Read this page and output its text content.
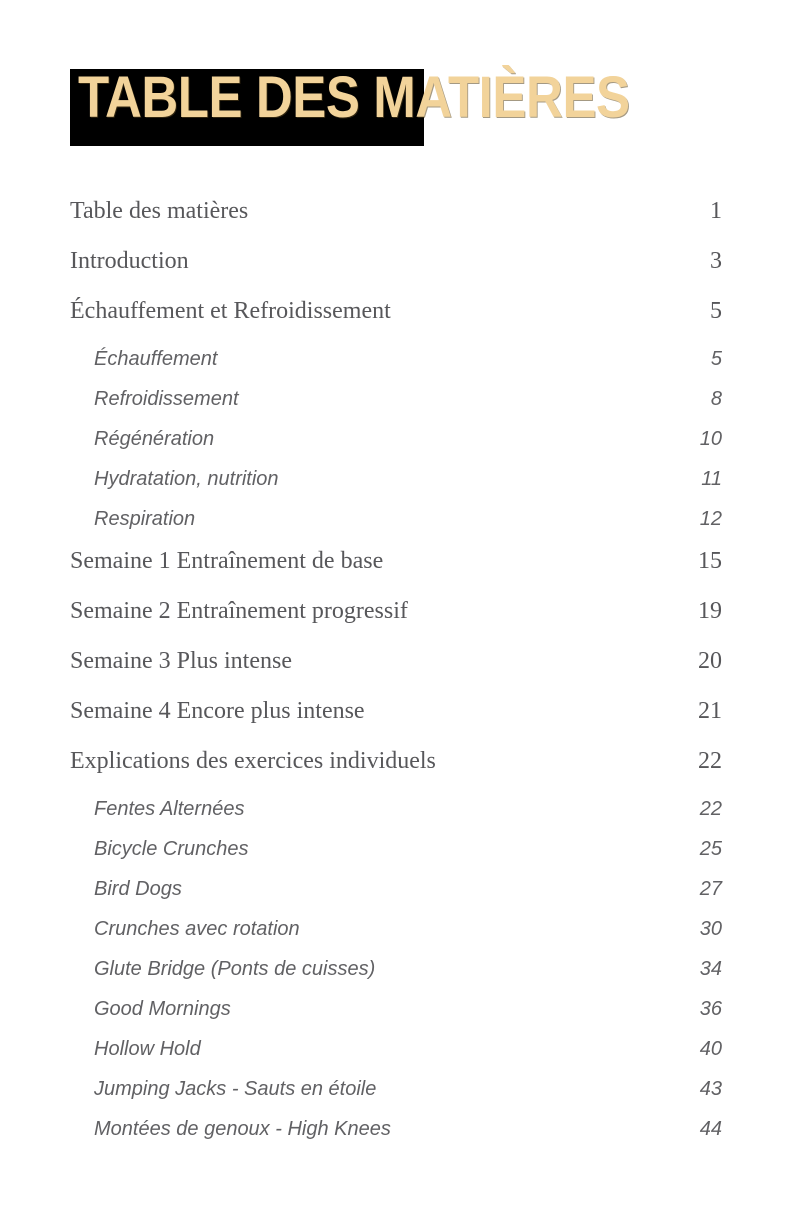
TABLE DES MATIÈRES
Table des matières	1
Introduction	3
Échauffement et Refroidissement	5
Échauffement	5
Refroidissement	8
Régénération	10
Hydratation, nutrition	11
Respiration	12
Semaine 1 Entraînement de base	15
Semaine 2 Entraînement progressif	19
Semaine 3 Plus intense	20
Semaine 4 Encore plus intense	21
Explications des exercices individuels	22
Fentes Alternées	22
Bicycle Crunches	25
Bird Dogs	27
Crunches avec rotation	30
Glute Bridge (Ponts de cuisses)	34
Good Mornings	36
Hollow Hold	40
Jumping Jacks - Sauts en étoile	43
Montées de genoux - High Knees	44
